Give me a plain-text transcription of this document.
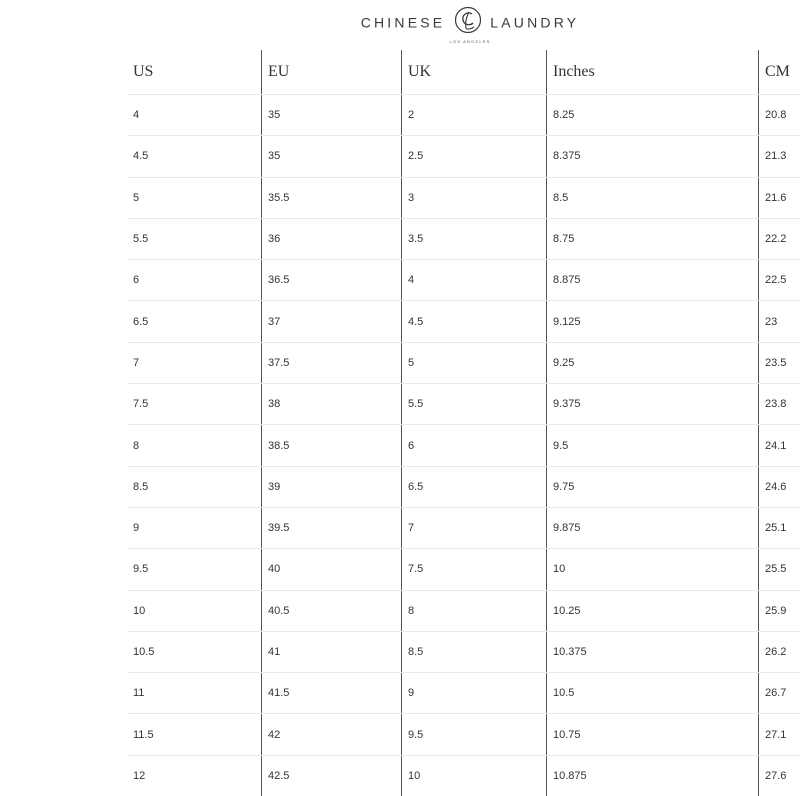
CHINESE	LAUNDRY
LOS ANGELES
US	EU	UK	Inches	CM
4	35	2	8.25	20.8
4.5	35	2.5	8.375	21.3
5	35.5	3	8.5	21.6
5.5	36	3.5	8.75	22.2
6	36.5	4	8.875	22.5
6.5	37	4.5	9.125	23
7	37.5	5	9.25	23.5
7.5	38	5.5	9.375	23.8
8	38.5	6	9.5	24.1
8.5	39	6.5	9.75	24.6
9	39.5	7	9.875	25.1
9.5	40	7.5	10	25.5
10	40.5	8	10.25	25.9
10.5	41	8.5	10.375	26.2
11	41.5	9	10.5	26.7
11.5	42	9.5	10.75	27.1
12	42.5	10	10.875	27.6
